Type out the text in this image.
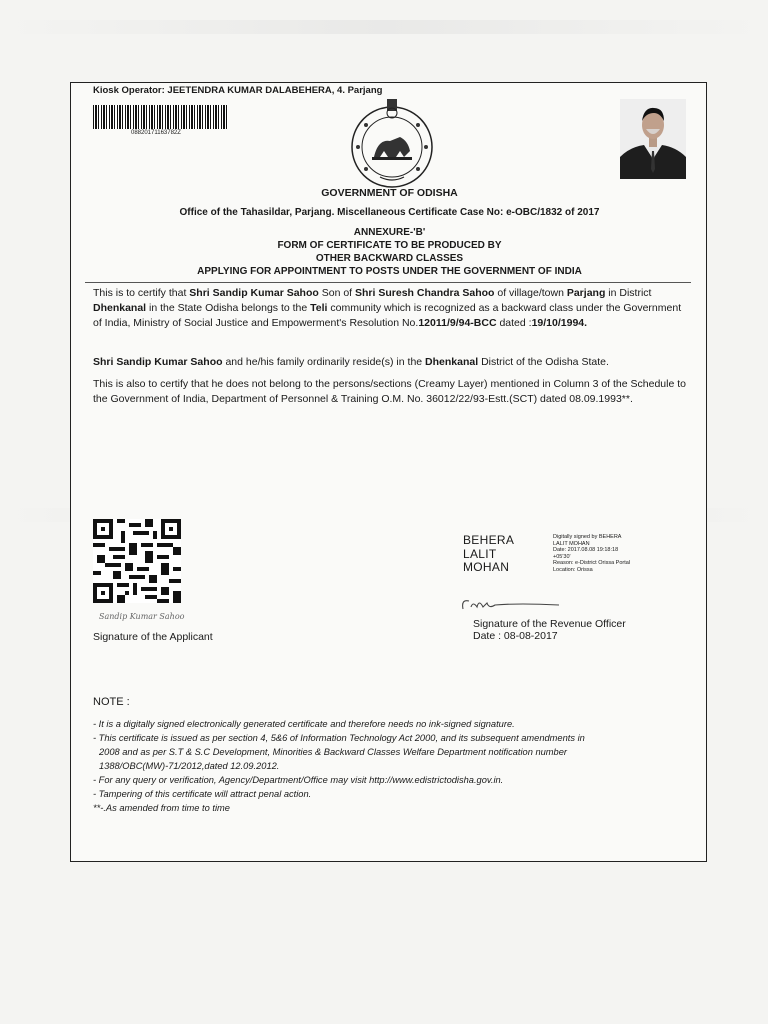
Kiosk Operator: JEETENDRA KUMAR DALABEHERA, 4. Parjang
08820171163782Z
GOVERNMENT OF ODISHA
Office of the Tahasildar, Parjang. Miscellaneous Certificate Case No: e-OBC/1832 of 2017
ANNEXURE-'B'
FORM OF CERTIFICATE TO BE PRODUCED BY
OTHER BACKWARD CLASSES
APPLYING FOR APPOINTMENT TO POSTS UNDER THE GOVERNMENT OF INDIA
This is to certify that Shri Sandip Kumar Sahoo Son of Shri Suresh Chandra Sahoo of village/town Parjang in District Dhenkanal in the State Odisha belongs to the Teli community which is recognized as a backward class under the Government of India, Ministry of Social Justice and Empowerment's Resolution No.12011/9/94-BCC dated :19/10/1994.
Shri Sandip Kumar Sahoo and he/his family ordinarily reside(s) in the Dhenkanal District of the Odisha State.
This is also to certify that he does not belong to the persons/sections (Creamy Layer) mentioned in Column 3 of the Schedule to the Government of India, Department of Personnel & Training O.M. No. 36012/22/93-Estt.(SCT) dated 08.09.1993**.
Sandip Kumar Sahoo
Signature of the Applicant
BEHERA
LALIT
MOHAN
Digitally signed by BEHERA
LALIT MOHAN
Date: 2017.08.08 19:18:18
+05'30'
Reason: e-District Orissa Portal
Location: Orissa
Signature of the Revenue Officer
Date : 08-08-2017
NOTE :
- It is a digitally signed electronically generated certificate and therefore needs no ink-signed signature.
- This certificate is issued as per section 4, 5&6 of Information Technology Act 2000, and its subsequent amendments in
2008 and as per S.T & S.C Development, Minorities & Backward Classes Welfare Department notification number
1388/OBC(MW)-71/2012,dated 12.09.2012.
- For any query or verification, Agency/Department/Office may visit http://www.edistrictodisha.gov.in.
- Tampering of this certificate will attract penal action.
**-.As amended from time to time
